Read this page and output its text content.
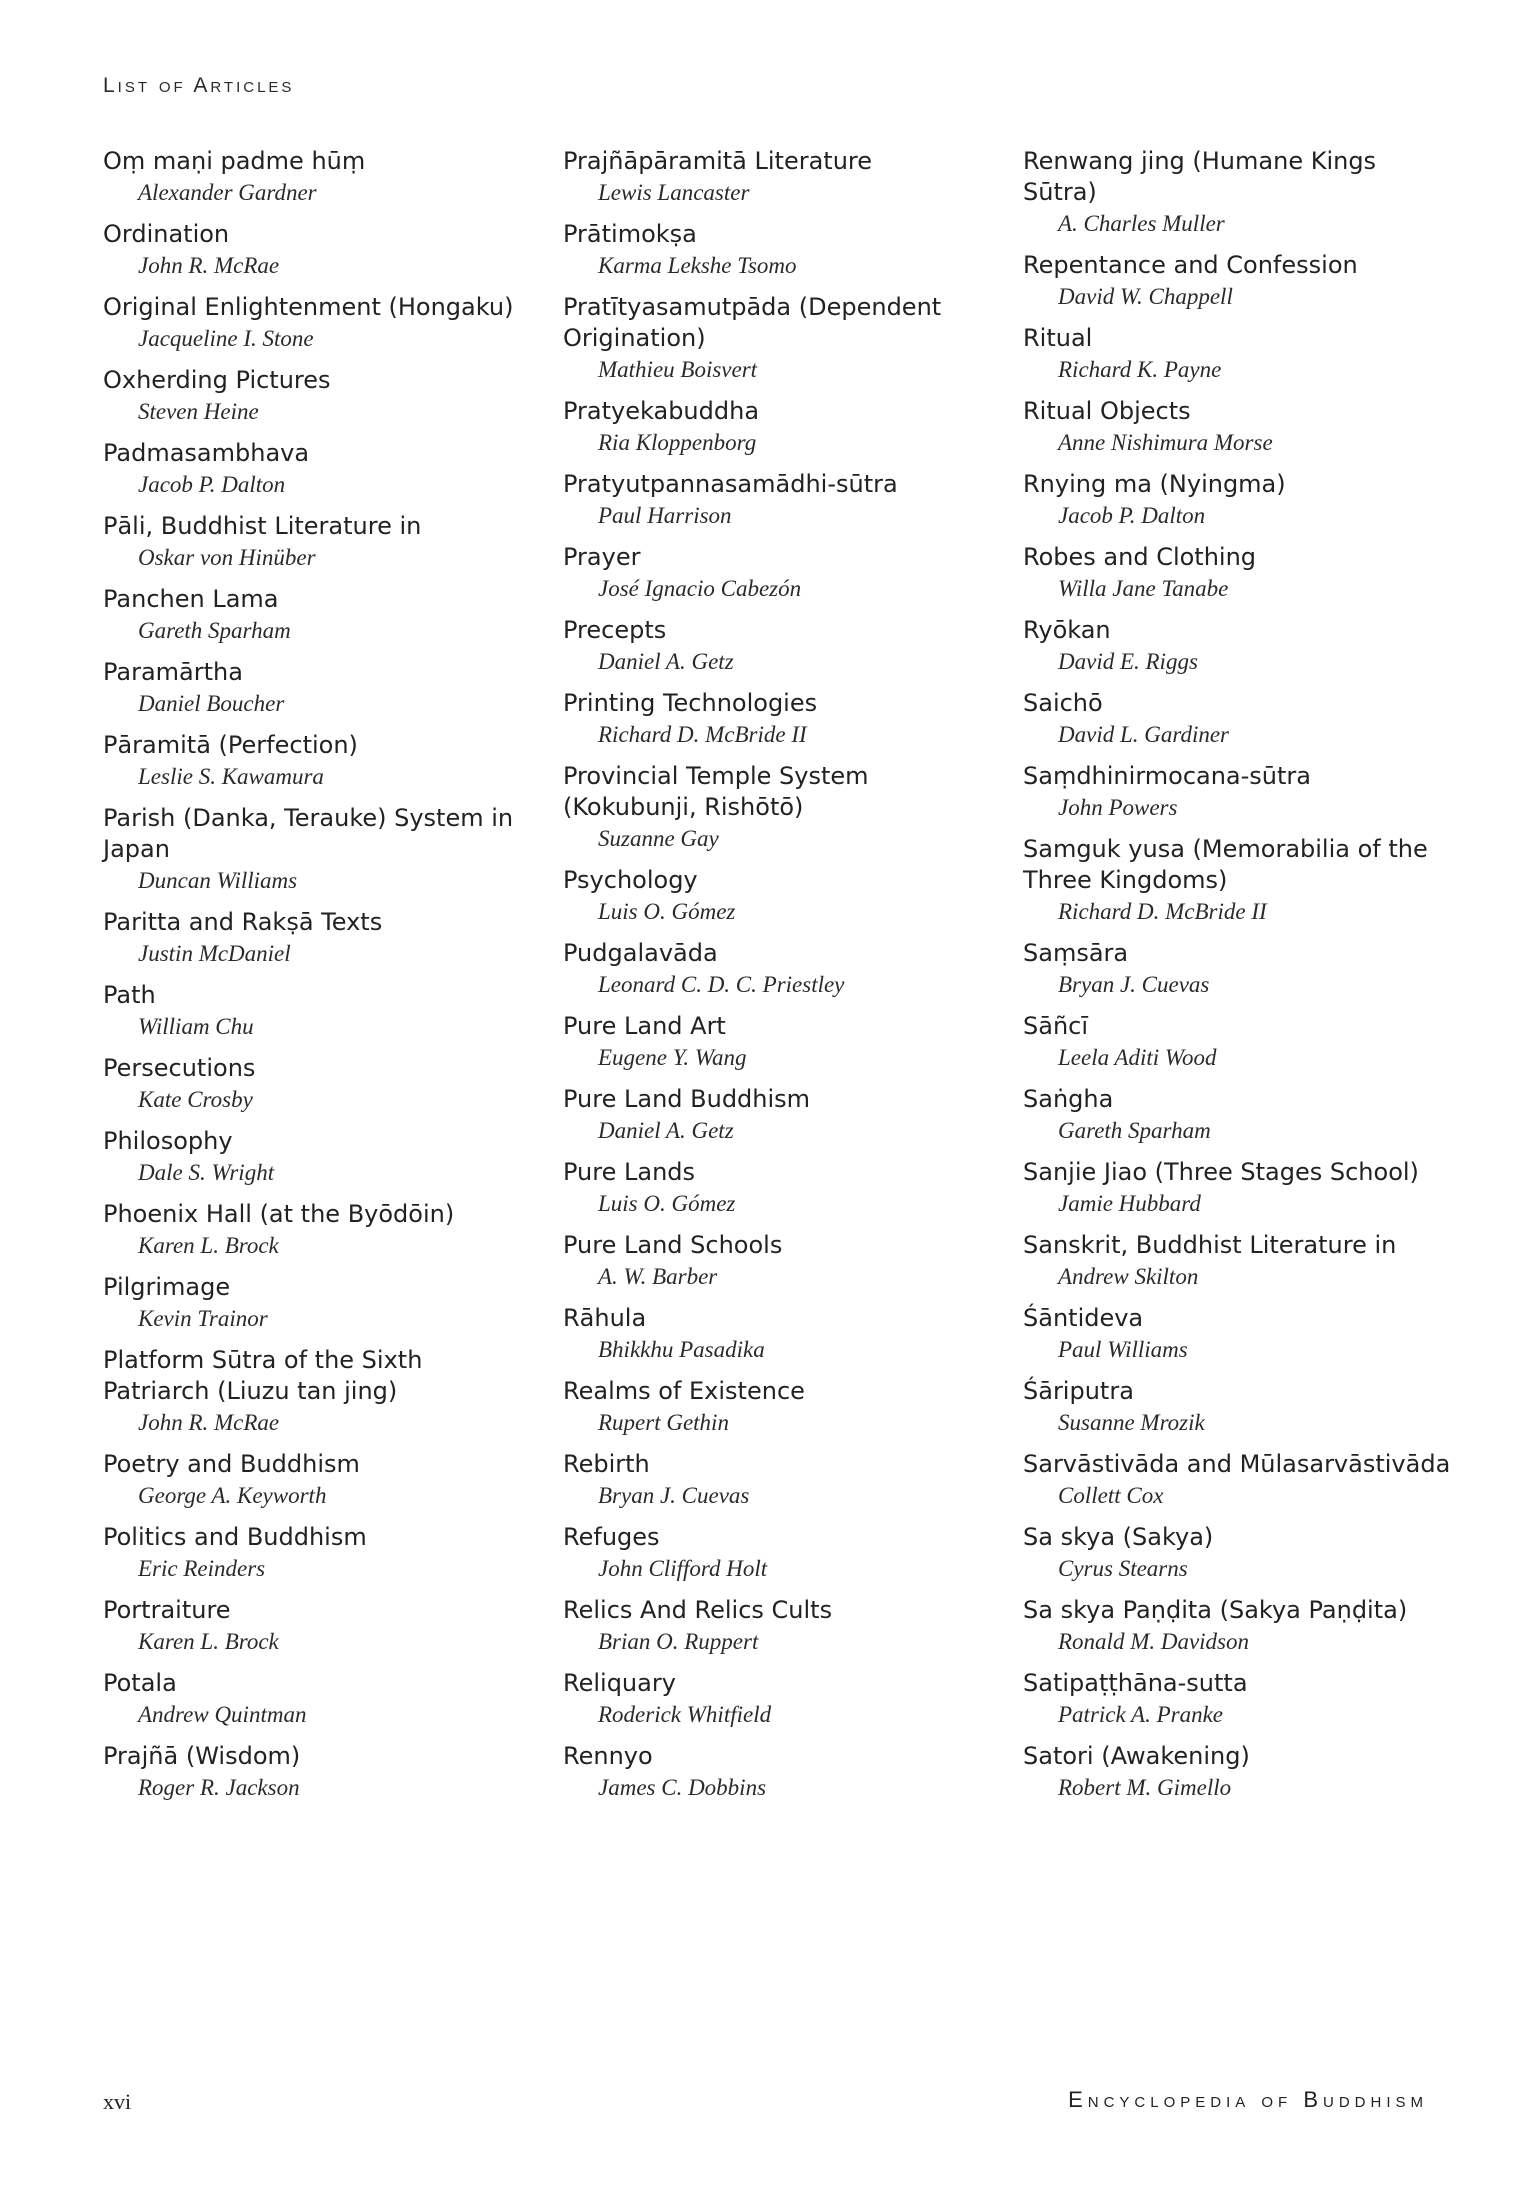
List of Articles
Oṃ maṇi padme hūṃ
Alexander Gardner
Ordination
John R. McRae
Original Enlightenment (Hongaku)
Jacqueline I. Stone
Oxherding Pictures
Steven Heine
Padmasambhava
Jacob P. Dalton
Pāli, Buddhist Literature in
Oskar von Hinüber
Panchen Lama
Gareth Sparham
Paramārtha
Daniel Boucher
Pāramitā (Perfection)
Leslie S. Kawamura
Parish (Danka, Terauke) System in Japan
Duncan Williams
Paritta and Rakṣā Texts
Justin McDaniel
Path
William Chu
Persecutions
Kate Crosby
Philosophy
Dale S. Wright
Phoenix Hall (at the Byōdōin)
Karen L. Brock
Pilgrimage
Kevin Trainor
Platform Sūtra of the Sixth Patriarch (Liuzu tan jing)
John R. McRae
Poetry and Buddhism
George A. Keyworth
Politics and Buddhism
Eric Reinders
Portraiture
Karen L. Brock
Potala
Andrew Quintman
Prajñā (Wisdom)
Roger R. Jackson
Prajñāpāramitā Literature
Lewis Lancaster
Prātimokṣa
Karma Lekshe Tsomo
Pratītyasamutpāda (Dependent Origination)
Mathieu Boisvert
Pratyekabuddha
Ria Kloppenborg
Pratyutpannasamādhi-sūtra
Paul Harrison
Prayer
José Ignacio Cabezón
Precepts
Daniel A. Getz
Printing Technologies
Richard D. McBride II
Provincial Temple System (Kokubunji, Rishōtō)
Suzanne Gay
Psychology
Luis O. Gómez
Pudgalavāda
Leonard C. D. C. Priestley
Pure Land Art
Eugene Y. Wang
Pure Land Buddhism
Daniel A. Getz
Pure Lands
Luis O. Gómez
Pure Land Schools
A. W. Barber
Rāhula
Bhikkhu Pasadika
Realms of Existence
Rupert Gethin
Rebirth
Bryan J. Cuevas
Refuges
John Clifford Holt
Relics And Relics Cults
Brian O. Ruppert
Reliquary
Roderick Whitfield
Rennyo
James C. Dobbins
Renwang jing (Humane Kings Sūtra)
A. Charles Muller
Repentance and Confession
David W. Chappell
Ritual
Richard K. Payne
Ritual Objects
Anne Nishimura Morse
Rnying ma (Nyingma)
Jacob P. Dalton
Robes and Clothing
Willa Jane Tanabe
Ryōkan
David E. Riggs
Saichō
David L. Gardiner
Saṃdhinirmocana-sūtra
John Powers
Samguk yusa (Memorabilia of the Three Kingdoms)
Richard D. McBride II
Saṃsāra
Bryan J. Cuevas
Sāñcī
Leela Aditi Wood
Saṅgha
Gareth Sparham
Sanjie Jiao (Three Stages School)
Jamie Hubbard
Sanskrit, Buddhist Literature in
Andrew Skilton
Śāntideva
Paul Williams
Śāriputra
Susanne Mrozik
Sarvāstivāda and Mūlasarvāstivāda
Collett Cox
Sa skya (Sakya)
Cyrus Stearns
Sa skya Paṇḍita (Sakya Paṇḍita)
Ronald M. Davidson
Satipaṭṭhāna-sutta
Patrick A. Pranke
Satori (Awakening)
Robert M. Gimello
xvi	Encyclopedia of Buddhism
